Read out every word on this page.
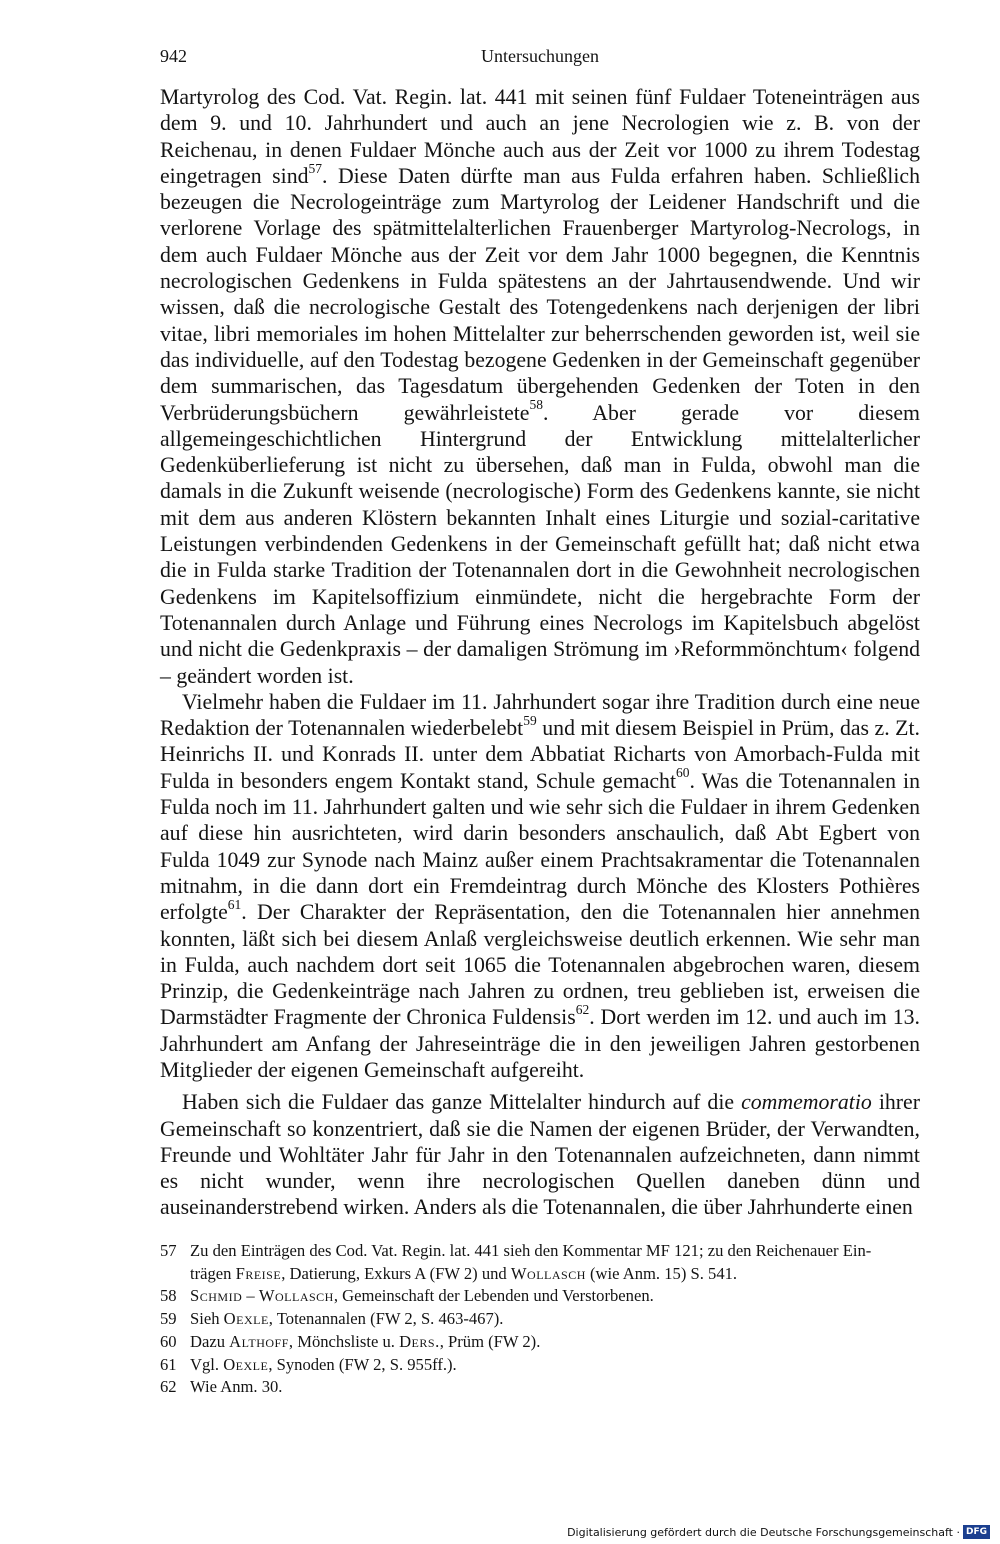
942	Untersuchungen

Martyrolog des Cod. Vat. Regin. lat. 441 mit seinen fünf Fuldaer Toteneinträgen aus dem 9. und 10. Jahrhundert und auch an jene Necrologien wie z. B. von der Reichenau, in denen Fuldaer Mönche auch aus der Zeit vor 1000 zu ihrem Todestag eingetragen sind$^{57}$. Diese Daten dürfte man aus Fulda erfahren haben. Schließlich bezeugen die Necrologeinträge zum Martyrolog der Leidener Handschrift und die verlorene Vorlage des spätmittelalterlichen Frauenberger Martyrolog-Necrologs, in dem auch Fuldaer Mönche aus der Zeit vor dem Jahr 1000 begegnen, die Kenntnis necrologischen Gedenkens in Fulda spätestens an der Jahrtausendwende. Und wir wissen, daß die necrologische Gestalt des Totengedenkens nach derjenigen der libri vitae, libri memoriales im hohen Mittelalter zur beherrschenden geworden ist, weil sie das individuelle, auf den Todestag bezogene Gedenken in der Gemeinschaft gegenüber dem summarischen, das Tagesdatum übergehenden Gedenken der Toten in den Verbrüderungsbüchern gewährleistete$^{58}$. Aber gerade vor diesem allgemeingeschichtlichen Hintergrund der Entwicklung mittelalterlicher Gedenküberlieferung ist nicht zu übersehen, daß man in Fulda, obwohl man die damals in die Zukunft weisende (necrologische) Form des Gedenkens kannte, sie nicht mit dem aus anderen Klöstern bekannten Inhalt eines Liturgie und sozial-caritative Leistungen verbindenden Gedenkens in der Gemeinschaft gefüllt hat; daß nicht etwa die in Fulda starke Tradition der Totenannalen dort in die Gewohnheit necrologischen Gedenkens im Kapitelsoffizium einmündete, nicht die hergebrachte Form der Totenannalen durch Anlage und Führung eines Necrologs im Kapitelsbuch abgelöst und nicht die Gedenkpraxis – der damaligen Strömung im ›Reformmönchtum‹ folgend – geändert worden ist.

Vielmehr haben die Fuldaer im 11. Jahrhundert sogar ihre Tradition durch eine neue Redaktion der Totenannalen wiederbelebt$^{59}$ und mit diesem Beispiel in Prüm, das z. Zt. Heinrichs II. und Konrads II. unter dem Abbatiat Richarts von Amorbach-Fulda mit Fulda in besonders engem Kontakt stand, Schule gemacht$^{60}$. Was die Totenannalen in Fulda noch im 11. Jahrhundert galten und wie sehr sich die Fuldaer in ihrem Gedenken auf diese hin ausrichteten, wird darin besonders anschaulich, daß Abt Egbert von Fulda 1049 zur Synode nach Mainz außer einem Prachtsakramentar die Totenannalen mitnahm, in die dann dort ein Fremdeintrag durch Mönche des Klosters Pothières erfolgte$^{61}$. Der Charakter der Repräsentation, den die Totenannalen hier annehmen konnten, läßt sich bei diesem Anlaß vergleichsweise deutlich erkennen. Wie sehr man in Fulda, auch nachdem dort seit 1065 die Totenannalen abgebrochen waren, diesem Prinzip, die Gedenkeinträge nach Jahren zu ordnen, treu geblieben ist, erweisen die Darmstädter Fragmente der Chronica Fuldensis$^{62}$. Dort werden im 12. und auch im 13. Jahrhundert am Anfang der Jahreseinträge die in den jeweiligen Jahren gestorbenen Mitglieder der eigenen Gemeinschaft aufgereiht.

Haben sich die Fuldaer das ganze Mittelalter hindurch auf die commemoratio ihrer Gemeinschaft so konzentriert, daß sie die Namen der eigenen Brüder, der Verwandten, Freunde und Wohltäter Jahr für Jahr in den Totenannalen aufzeichneten, dann nimmt es nicht wunder, wenn ihre necrologischen Quellen daneben dünn und auseinanderstrebend wirken. Anders als die Totenannalen, die über Jahrhunderte einen

57 Zu den Einträgen des Cod. Vat. Regin. lat. 441 sieh den Kommentar MF 121; zu den Reichenauer Ein-
trägen Freise, Datierung, Exkurs A (FW 2) und Wollasch (wie Anm. 15) S. 541.
58 Schmid – Wollasch, Gemeinschaft der Lebenden und Verstorbenen.
59 Sieh Oexle, Totenannalen (FW 2, S. 463-467).
60 Dazu Althoff, Mönchsliste u. Ders., Prüm (FW 2).
61 Vgl. Oexle, Synoden (FW 2, S. 955ff.).
62 Wie Anm. 30.
Digitalisierung gefördert durch die Deutsche Forschungsgemeinschaft · DFG
